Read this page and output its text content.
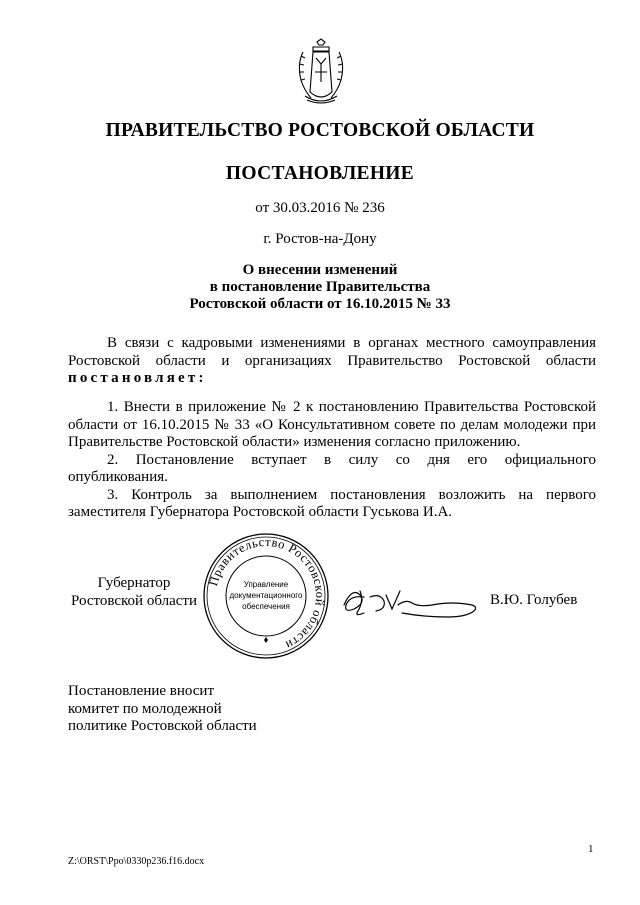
ПРАВИТЕЛЬСТВО РОСТОВСКОЙ ОБЛАСТИ
ПОСТАНОВЛЕНИЕ
от 30.03.2016 № 236
г. Ростов-на-Дону
О внесении изменений
в постановление Правительства
Ростовской области от 16.10.2015 № 33
В связи с кадровыми изменениями в органах местного самоуправления
Ростовской области и организациях Правительство Ростовской области
постановляет:
1. Внести в приложение № 2 к постановлению Правительства Ростовской
области от 16.10.2015 № 33 «О Консультативном совете по делам молодежи при
Правительстве Ростовской области» изменения согласно приложению.
2. Постановление вступает в силу со дня его официального
опубликования.
3. Контроль за выполнением постановления возложить на первого
заместителя Губернатора Ростовской области Гуськова И.А.
Губернатор
Ростовской области
Правительство Ростовской области
Управление
документационного
обеспечения	В.Ю. Голубев
Постановление вносит
комитет по молодежной
политике Ростовской области
1
Z:\ORST\Ppo\0330p236.f16.docx
